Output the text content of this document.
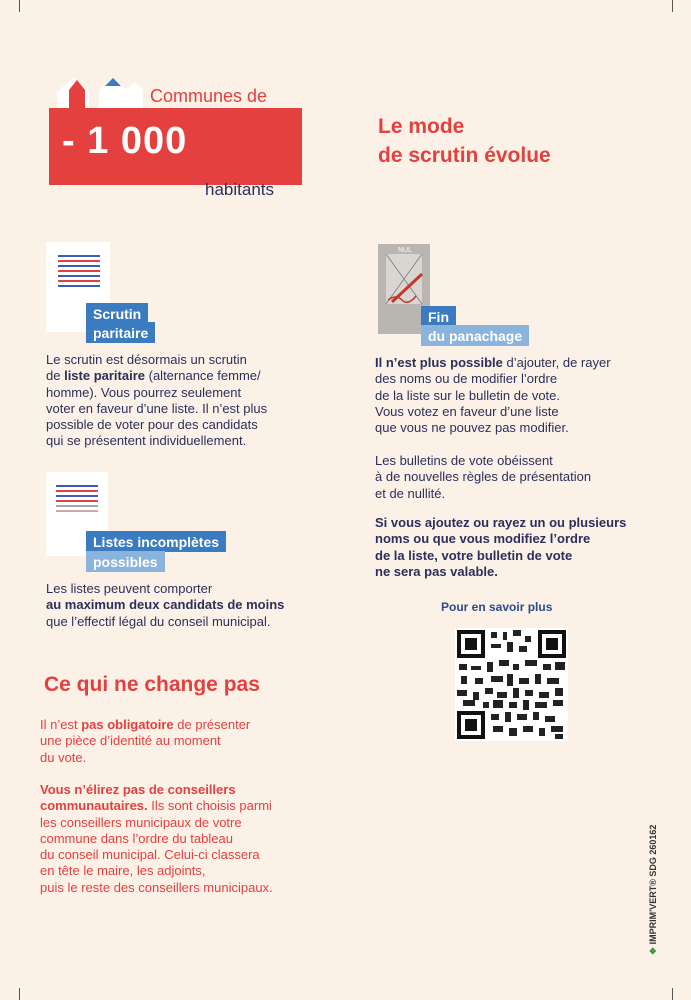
Communes de
- 1 000
habitants
Le mode
de scrutin évolue
Scrutin
paritaire
Le scrutin est désormais un scrutin
de liste paritaire (alternance femme/
homme). Vous pourrez seulement
voter en faveur d’une liste. Il n’est plus
possible de voter pour des candidats
qui se présentent individuellement.
Listes incomplètes
possibles
Les listes peuvent comporter
au maximum deux candidats de moins
que l’effectif légal du conseil municipal.
NUL
Fin
du panachage
Il n’est plus possible d’ajouter, de rayer
des noms ou de modifier l’ordre
de la liste sur le bulletin de vote.
Vous votez en faveur d’une liste
que vous ne pouvez pas modifier.
Les bulletins de vote obéissent
à de nouvelles règles de présentation
et de nullité.
Si vous ajoutez ou rayez un ou plusieurs
noms ou que vous modifiez l’ordre
de la liste, votre bulletin de vote
ne sera pas valable.
Pour en savoir plus
Ce qui ne change pas
Il n’est pas obligatoire de présenter
une pièce d’identité au moment
du vote.
Vous n’élirez pas de conseillers
communautaires. Ils sont choisis parmi
les conseillers municipaux de votre
commune dans l’ordre du tableau
du conseil municipal. Celui-ci classera
en tête le maire, les adjoints,
puis le reste des conseillers municipaux.
❖ IMPRIM'VERT® SDG 260162
